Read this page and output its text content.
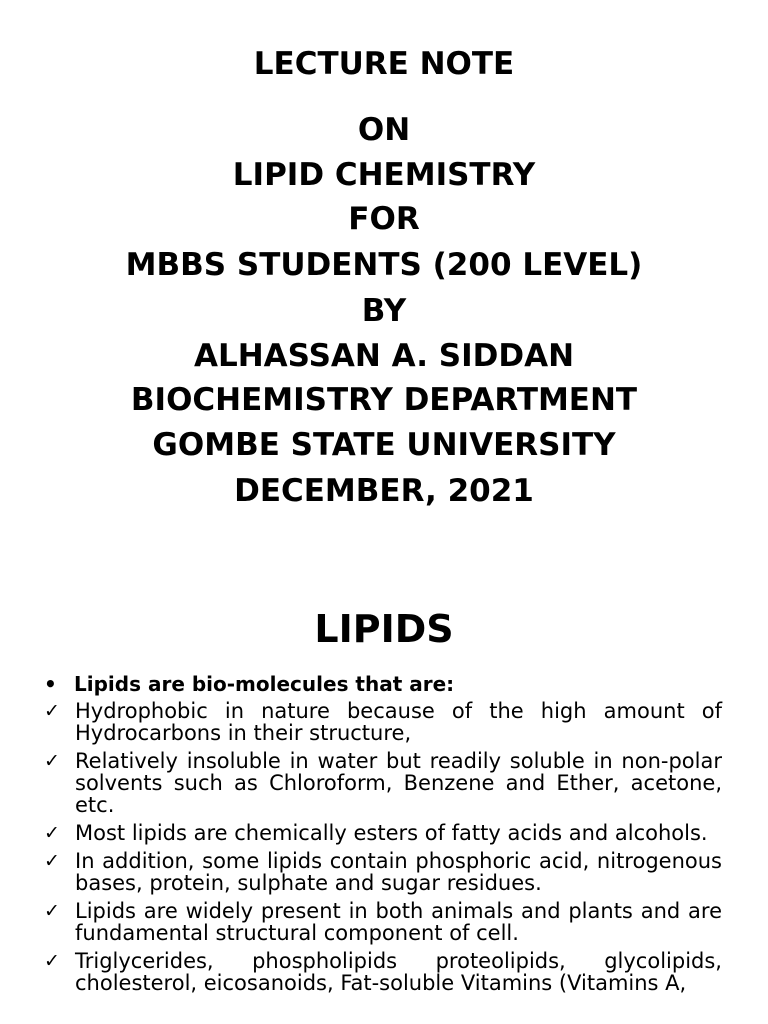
LECTURE NOTE
ON
LIPID CHEMISTRY
FOR
MBBS STUDENTS (200 LEVEL)
BY
ALHASSAN A. SIDDAN
BIOCHEMISTRY DEPARTMENT
GOMBE STATE UNIVERSITY
DECEMBER, 2021
LIPIDS
• Lipids are bio-molecules that are:
✓ Hydrophobic in nature because of the high amount of Hydrocarbons in their structure,
✓ Relatively insoluble in water but readily soluble in non-polar solvents such as Chloroform, Benzene and Ether, acetone, etc.
✓ Most lipids are chemically esters of fatty acids and alcohols.
✓ In addition, some lipids contain phosphoric acid, nitrogenous bases, protein, sulphate and sugar residues.
✓ Lipids are widely present in both animals and plants and are fundamental structural component of cell.
✓ Triglycerides, phospholipids proteolipids, glycolipids, cholesterol, eicosanoids, Fat-soluble Vitamins (Vitamins A,
